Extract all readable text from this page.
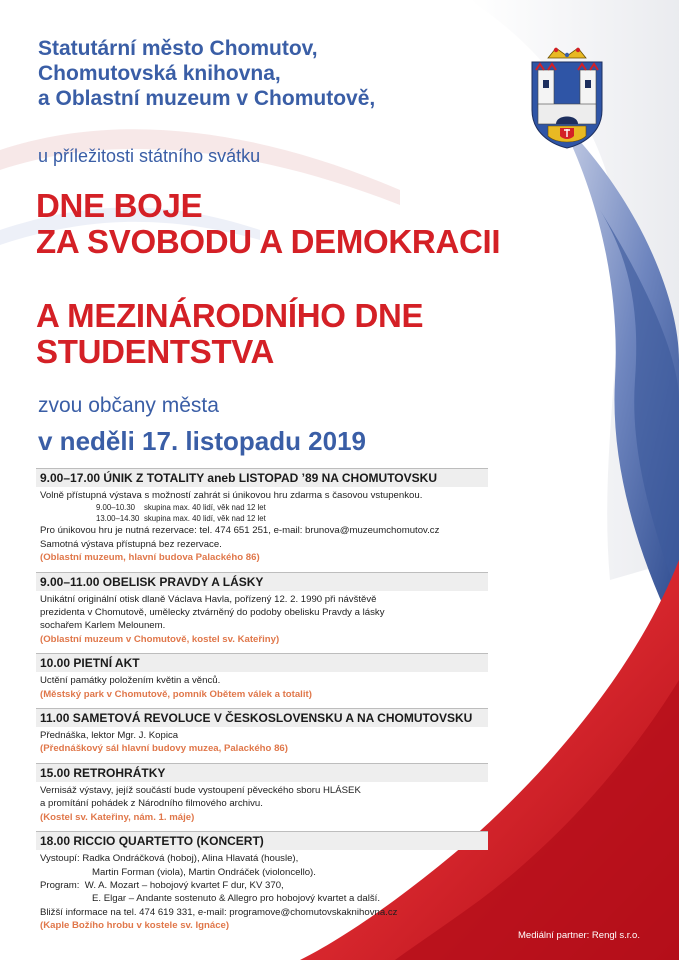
Statutární město Chomutov,
Chomutovská knihovna,
a Oblastní muzeum v Chomutově,
u příležitosti státního svátku
DNE BOJE
ZA SVOBODU A DEMOKRACII
A MEZINÁRODNÍHO DNE
STUDENTSTVA
zvou občany města
v neděli 17. listopadu 2019
9.00–17.00 ÚNIK Z TOTALITY aneb LISTOPAD ’89 NA CHOMUTOVSKU
Volně přístupná výstava s možností zahrát si únikovou hru zdarma s časovou vstupenkou.
9.00–10.30 skupina max. 40 lidí, věk nad 12 let
13.00–14.30 skupina max. 40 lidí, věk nad 12 let
Pro únikovou hru je nutná rezervace: tel. 474 651 251, e-mail: brunova@muzeumchomutov.cz
Samotná výstava přístupná bez rezervace.
(Oblastní muzeum, hlavní budova Palackého 86)
9.00–11.00 OBELISK PRAVDY A LÁSKY
Unikátní originální otisk dlaně Václava Havla, pořízený 12. 2. 1990 při návštěvě
prezidenta v Chomutově, umělecky ztvárněný do podoby obelisku Pravdy a lásky
sochařem Karlem Melounem.
(Oblastní muzeum v Chomutově, kostel sv. Kateřiny)
10.00 PIETNÍ AKT
Uctění památky položením květin a věnců.
(Městský park v Chomutově, pomník Obětem válek a totalit)
11.00 SAMETOVÁ REVOLUCE V ČESKOSLOVENSKU A NA CHOMUTOVSKU
Přednáška, lektor Mgr. J. Kopica
(Přednáškový sál hlavní budovy muzea, Palackého 86)
15.00 RETROHRÁTKY
Vernisáž výstavy, jejíž součástí bude vystoupení pěveckého sboru HLÁSEK
a promítání pohádek z Národního filmového archivu.
(Kostel sv. Kateřiny, nám. 1. máje)
18.00 RICCIO QUARTETTO (KONCERT)
Vystoupí: Radka Ondráčková (hoboj), Alina Hlavatá (housle),
Martin Forman (viola), Martin Ondráček (violoncello).
Program: W. A. Mozart – hobojový kvartet F dur, KV 370,
E. Elgar – Andante sostenuto & Allegro pro hobojový kvartet a další.
Bližší informace na tel. 474 619 331, e-mail: programove@chomutovskaknihovna.cz
(Kaple Božího hrobu v kostele sv. Ignáce)
Mediální partner: Rengl s.r.o.
